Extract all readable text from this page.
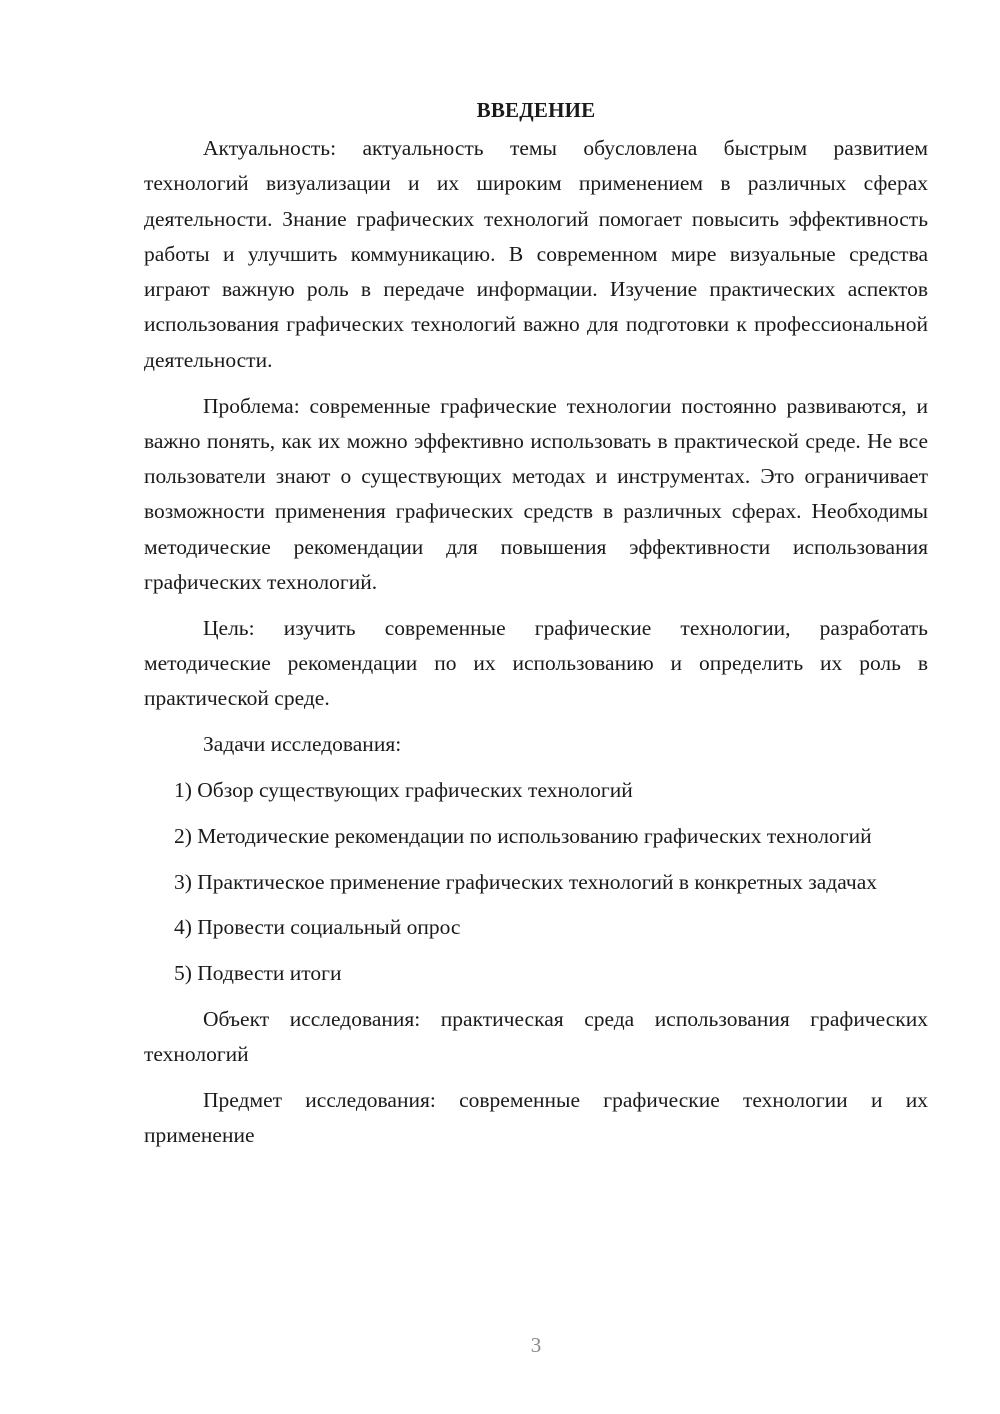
ВВЕДЕНИЕ

Актуальность: актуальность темы обусловлена быстрым развитием технологий визуализации и их широким применением в различных сферах деятельности. Знание графических технологий помогает повысить эффективность работы и улучшить коммуникацию. В современном мире визуальные средства играют важную роль в передаче информации. Изучение практических аспектов использования графических технологий важно для подготовки к профессиональной деятельности.

Проблема: современные графические технологии постоянно развиваются, и важно понять, как их можно эффективно использовать в практической среде. Не все пользователи знают о существующих методах и инструментах. Это ограничивает возможности применения графических средств в различных сферах. Необходимы методические рекомендации для повышения эффективности использования графических технологий.

Цель: изучить современные графические технологии, разработать методические рекомендации по их использованию и определить их роль в практической среде.

Задачи исследования:

1) Обзор существующих графических технологий

2) Методические рекомендации по использованию графических технологий

3) Практическое применение графических технологий в конкретных задачах

4) Провести социальный опрос

5) Подвести итоги

Объект исследования: практическая среда использования графических технологий

Предмет исследования: современные графические технологии и их применение

3
